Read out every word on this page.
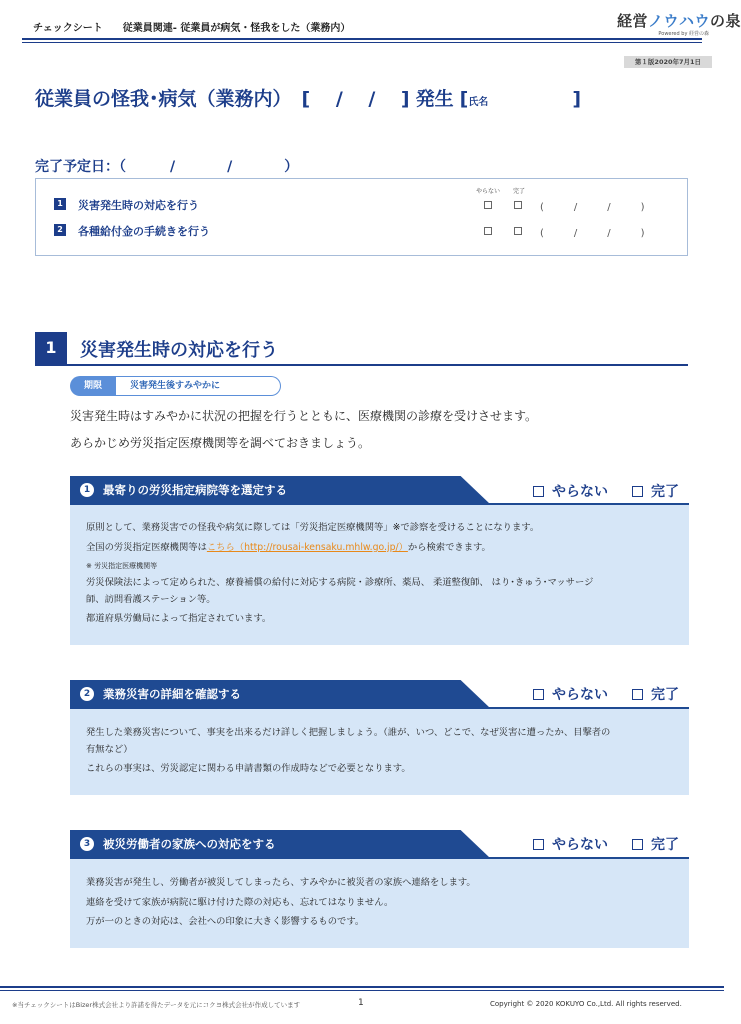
チェックシート 従業員関連- 従業員が病気・怪我をした（業務内）	経営ノウハウの泉
Powered by 経営の森
第１版2020年7月1日
従業員の怪我･病気（業務内） [　 /　 /　 ] 発生 [氏名	]
完了予定日：（　　/　　/　　）
やらない 完了
1 災害発生時の対応を行う	(　　　/　　　/　　　)
2 各種給付金の手続きを行う	(　　　/　　　/　　　)
1	災害発生時の対応を行う
期限	災害発生後すみやかに
災害発生時はすみやかに状況の把握を行うとともに、医療機関の診療を受けさせます。
あらかじめ労災指定医療機関等を調べておきましょう。
1	最寄りの労災指定病院等を選定する	やらない	完了
原則として、業務災害での怪我や病気に際しては「労災指定医療機関等」※で診察を受けることになります。
全国の労災指定医療機関等はこちら（http://rousai-kensaku.mhlw.go.jp/）から検索できます。
※ 労災指定医療機関等
労災保険法によって定められた、療養補償の給付に対応する病院・診療所、薬局、 柔道整復師、 はり･きゅう･マッサージ
師、訪問看護ステーション等。
都道府県労働局によって指定されています。
2	業務災害の詳細を確認する	やらない	完了
発生した業務災害について、事実を出来るだけ詳しく把握しましょう。（誰が、いつ、どこで、なぜ災害に遭ったか、目撃者の
有無など）
これらの事実は、労災認定に関わる申請書類の作成時などで必要となります。
3	被災労働者の家族への対応をする	やらない	完了
業務災害が発生し、労働者が被災してしまったら、すみやかに被災者の家族へ連絡をします。
連絡を受けて家族が病院に駆け付けた際の対応も、忘れてはなりません。
万が一のときの対応は、会社への印象に大きく影響するものです。
※当チェックシートはBizer株式会社より許諾を得たデータを元にコクヨ株式会社が作成しています	1	Copyright © 2020 KOKUYO Co.,Ltd. All rights reserved.
